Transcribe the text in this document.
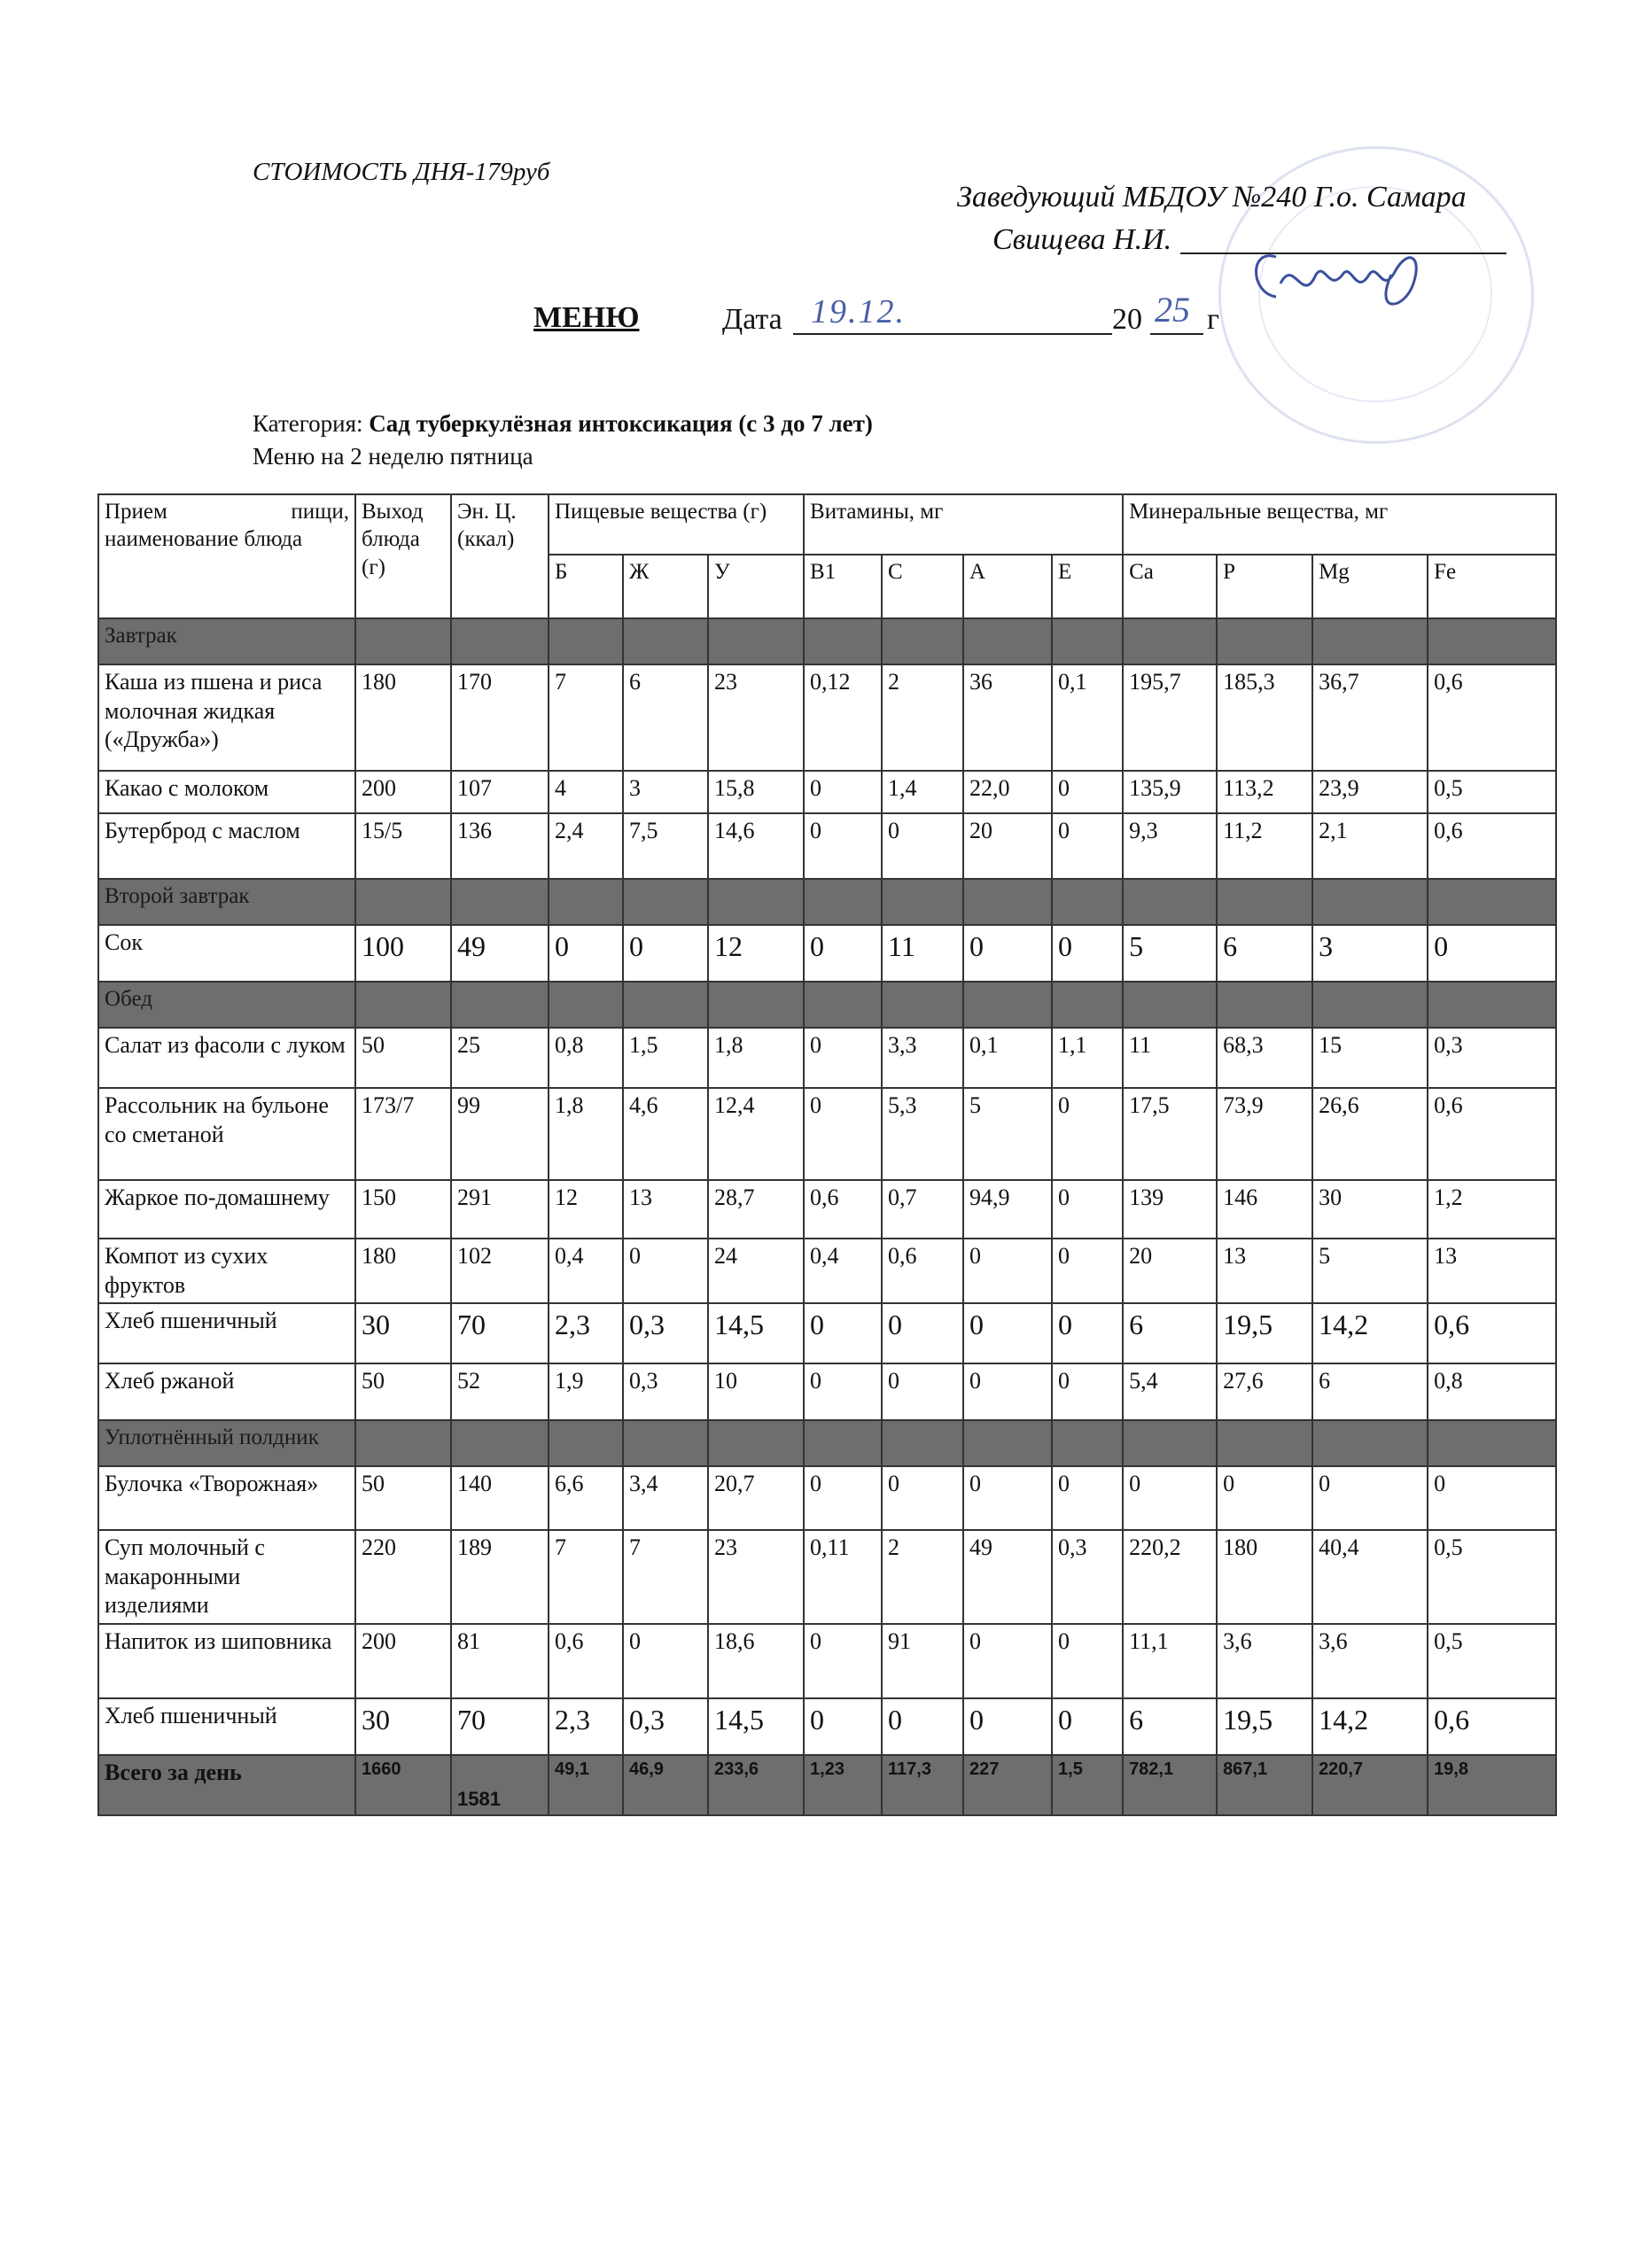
СТОИМОСТЬ ДНЯ-179руб
Заведующий МБДОУ №240 Г.о. Самара
Свищева Н.И.
МЕНЮ	Дата 19.12.	20 25 г
Категория: Сад туберкулёзная интоксикация (с 3 до 7 лет)
Меню на 2 неделю пятница
Прием пищи, наименование блюда	Выход блюда (г)	Эн. Ц. (ккал)	Пищевые вещества (г)			Витамины, мг				Минеральные вещества, мг			
			Б	Ж	У	В1	С	А	Е	Са	Р	Mg	Fe
Завтрак													
Каша из пшена и риса молочная жидкая («Дружба»)	180	170	7	6	23	0,12	2	36	0,1	195,7	185,3	36,7	0,6
Какао с молоком	200	107	4	3	15,8	0	1,4	22,0	0	135,9	113,2	23,9	0,5
Бутерброд с маслом	15/5	136	2,4	7,5	14,6	0	0	20	0	9,3	11,2	2,1	0,6
Второй завтрак													
Сок	100	49	0	0	12	0	11	0	0	5	6	3	0
Обед													
Салат из фасоли с луком	50	25	0,8	1,5	1,8	0	3,3	0,1	1,1	11	68,3	15	0,3
Рассольник на бульоне со сметаной	173/7	99	1,8	4,6	12,4	0	5,3	5	0	17,5	73,9	26,6	0,6
Жаркое по-домашнему	150	291	12	13	28,7	0,6	0,7	94,9	0	139	146	30	1,2
Компот из сухих фруктов	180	102	0,4	0	24	0,4	0,6	0	0	20	13	5	13
Хлеб пшеничный	30	70	2,3	0,3	14,5	0	0	0	0	6	19,5	14,2	0,6
Хлеб ржаной	50	52	1,9	0,3	10	0	0	0	0	5,4	27,6	6	0,8
Уплотнённый полдник													
Булочка «Творожная»	50	140	6,6	3,4	20,7	0	0	0	0	0	0	0	0
Суп молочный с макаронными изделиями	220	189	7	7	23	0,11	2	49	0,3	220,2	180	40,4	0,5
Напиток из шиповника	200	81	0,6	0	18,6	0	91	0	0	11,1	3,6	3,6	0,5
Хлеб пшеничный	30	70	2,3	0,3	14,5	0	0	0	0	6	19,5	14,2	0,6
Всего за день	1660	1581	49,1	46,9	233,6	1,23	117,3	227	1,5	782,1	867,1	220,7	19,8
